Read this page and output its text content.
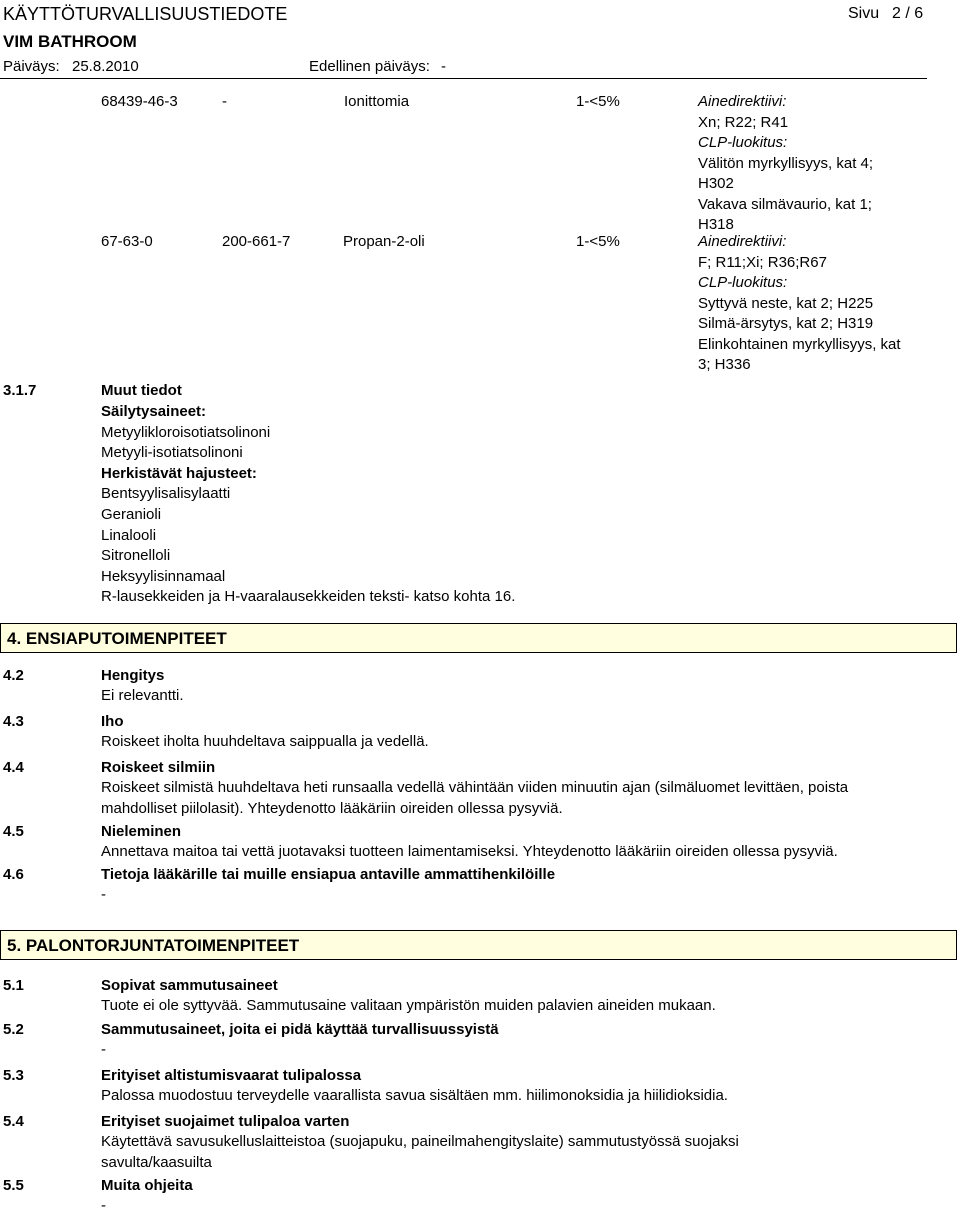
KÄYTTÖTURVALLISUUSTIEDOTE
VIM BATHROOM
Päiväys: 25.8.2010	Edellinen päiväys: -
Sivu 2 / 6
68439-46-3	-	Ionittomia	1-<5%	Ainedirektiivi:
Xn; R22; R41
CLP-luokitus:
Välitön myrkyllisyys, kat 4;
H302
Vakava silmävaurio, kat 1;
H318
67-63-0	200-661-7	Propan-2-oli	1-<5%	Ainedirektiivi:
F; R11;Xi; R36;R67
CLP-luokitus:
Syttyvä neste, kat 2; H225
Silmä-ärsytys, kat 2; H319
Elinkohtainen myrkyllisyys, kat
3; H336
3.1.7	Muut tiedot
Säilytysaineet:
Metyylikloroisotiatsolinoni
Metyyli-isotiatsolinoni
Herkistävät hajusteet:
Bentsyylisalisylaatti
Geranioli
Linalooli
Sitronelloli
Heksyylisinnamaal
R-lausekkeiden ja H-vaaralausekkeiden teksti- katso kohta 16.
4. ENSIAPUTOIMENPITEET
4.2	Hengitys
Ei relevantti.
4.3	Iho
Roiskeet iholta huuhdeltava saippualla ja vedellä.
4.4	Roiskeet silmiin
Roiskeet silmistä huuhdeltava heti runsaalla vedellä vähintään viiden minuutin ajan (silmäluomet levittäen, poista
mahdolliset piilolasit). Yhteydenotto lääkäriin oireiden ollessa pysyviä.
4.5	Nieleminen
Annettava maitoa tai vettä juotavaksi tuotteen laimentamiseksi. Yhteydenotto lääkäriin oireiden ollessa pysyviä.
4.6	Tietoja lääkärille tai muille ensiapua antaville ammattihenkilöille
-
5. PALONTORJUNTATOIMENPITEET
5.1	Sopivat sammutusaineet
Tuote ei ole syttyvää. Sammutusaine valitaan ympäristön muiden palavien aineiden mukaan.
5.2	Sammutusaineet, joita ei pidä käyttää turvallisuussyistä
-
5.3	Erityiset altistumisvaarat tulipalossa
Palossa muodostuu terveydelle vaarallista savua sisältäen mm. hiilimonoksidia ja hiilidioksidia.
5.4	Erityiset suojaimet tulipaloa varten
Käytettävä savusukelluslaitteistoa (suojapuku, paineilmahengityslaite) sammutustyössä suojaksi
savulta/kaasuilta
5.5	Muita ohjeita
-
